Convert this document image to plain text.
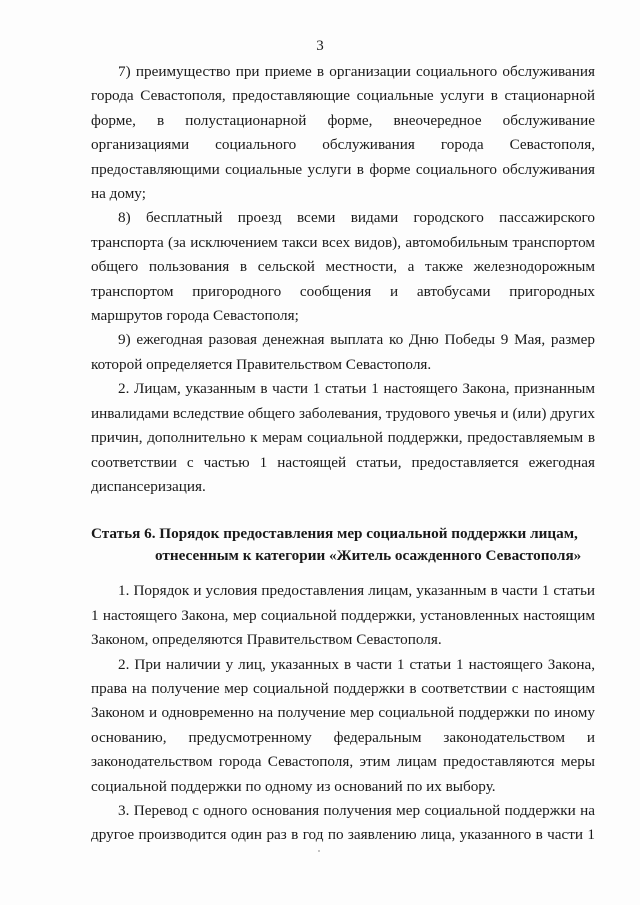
3

7) преимущество при приеме в организации социального обслуживания города Севастополя, предоставляющие социальные услуги в стационарной форме, в полустационарной форме, внеочередное обслуживание организациями социального обслуживания города Севастополя, предоставляющими социальные услуги в форме социального обслуживания на дому;

8) бесплатный проезд всеми видами городского пассажирского транспорта (за исключением такси всех видов), автомобильным транспортом общего пользования в сельской местности, а также железнодорожным транспортом пригородного сообщения и автобусами пригородных маршрутов города Севастополя;

9) ежегодная разовая денежная выплата ко Дню Победы 9 Мая, размер которой определяется Правительством Севастополя.

2. Лицам, указанным в части 1 статьи 1 настоящего Закона, признанным инвалидами вследствие общего заболевания, трудового увечья и (или) других причин, дополнительно к мерам социальной поддержки, предоставляемым в соответствии с частью 1 настоящей статьи, предоставляется ежегодная диспансеризация.

Статья 6. Порядок предоставления мер социальной поддержки лицам,
отнесенным к категории «Житель осажденного Севастополя»

1. Порядок и условия предоставления лицам, указанным в части 1 статьи 1 настоящего Закона, мер социальной поддержки, установленных настоящим Законом, определяются Правительством Севастополя.

2. При наличии у лиц, указанных в части 1 статьи 1 настоящего Закона, права на получение мер социальной поддержки в соответствии с настоящим Законом и одновременно на получение мер социальной поддержки по иному основанию, предусмотренному федеральным законодательством и законодательством города Севастополя, этим лицам предоставляются меры социальной поддержки по одному из оснований по их выбору.

3. Перевод с одного основания получения мер социальной поддержки на другое производится один раз в год по заявлению лица, указанного в части 1
